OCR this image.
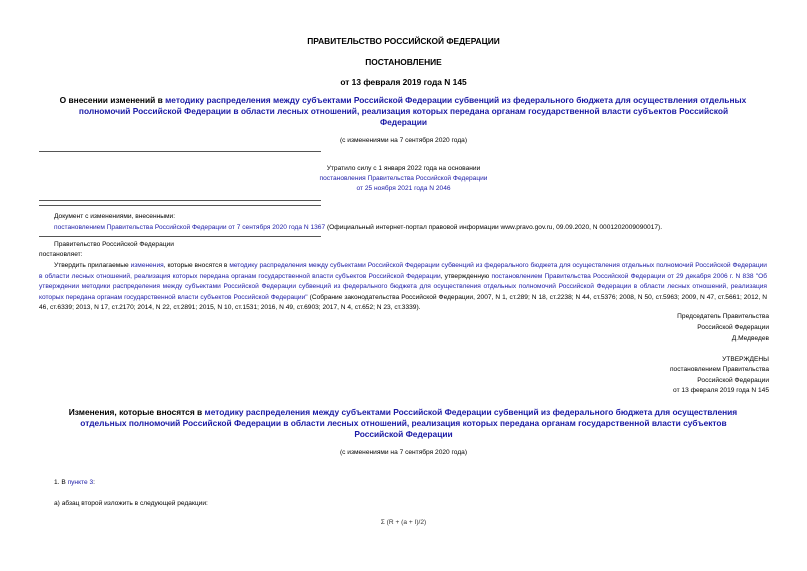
ПРАВИТЕЛЬСТВО РОССИЙСКОЙ ФЕДЕРАЦИИ
ПОСТАНОВЛЕНИЕ
от 13 февраля 2019 года N 145
О внесении изменений в методику распределения между субъектами Российской Федерации субвенций из федерального бюджета для осуществления отдельных
полномочий Российской Федерации в области лесных отношений, реализация которых передана органам государственной власти субъектов Российской
Федерации
(с изменениями на 7 сентября 2020 года)
Утратило силу с 1 января 2022 года на основании
постановления Правительства Российской Федерации
от 25 ноября 2021 года N 2046
Документ с изменениями, внесенными:
постановлением Правительства Российской Федерации от 7 сентября 2020 года N 1367 (Официальный интернет-портал правовой информации www.pravo.gov.ru, 09.09.2020, N 0001202009090017).
Правительство Российской Федерации
постановляет:
Утвердить прилагаемые изменения, которые вносятся в методику распределения между субъектами Российской Федерации субвенций из федерального бюджета для осуществления отдельных полномочий Российской Федерации в области лесных отношений, реализация которых передана органам государственной власти субъектов Российской Федерации, утвержденную постановлением Правительства Российской Федерации от 29 декабря 2006 г. N 838 "Об утверждении методики распределения между субъектами Российской Федерации субвенций из федерального бюджета для осуществления отдельных полномочий Российской Федерации в области лесных отношений, реализация которых передана органам государственной власти субъектов Российской Федерации" (Собрание законодательства Российской Федерации, 2007, N 1, ст.289; N 18, ст.2238; N 44, ст.5376; 2008, N 50, ст.5963; 2009, N 47, ст.5661; 2012, N 46, ст.6339; 2013, N 17, ст.2170; 2014, N 22, ст.2891; 2015, N 10, ст.1531; 2016, N 49, ст.6903; 2017, N 4, ст.652; N 23, ст.3339).
Председатель Правительства
Российской Федерации
Д.Медведев
УТВЕРЖДЕНЫ
постановлением Правительства
Российской Федерации
от 13 февраля 2019 года N 145
Изменения, которые вносятся в методику распределения между субъектами Российской Федерации субвенций из федерального бюджета для осуществления
отдельных полномочий Российской Федерации в области лесных отношений, реализация которых передана органам государственной власти субъектов
Российской Федерации
(с изменениями на 7 сентября 2020 года)
1. В пункте 3:
а) абзац второй изложить в следующей редакции:
Ʃ (R + (a + I)/2)
